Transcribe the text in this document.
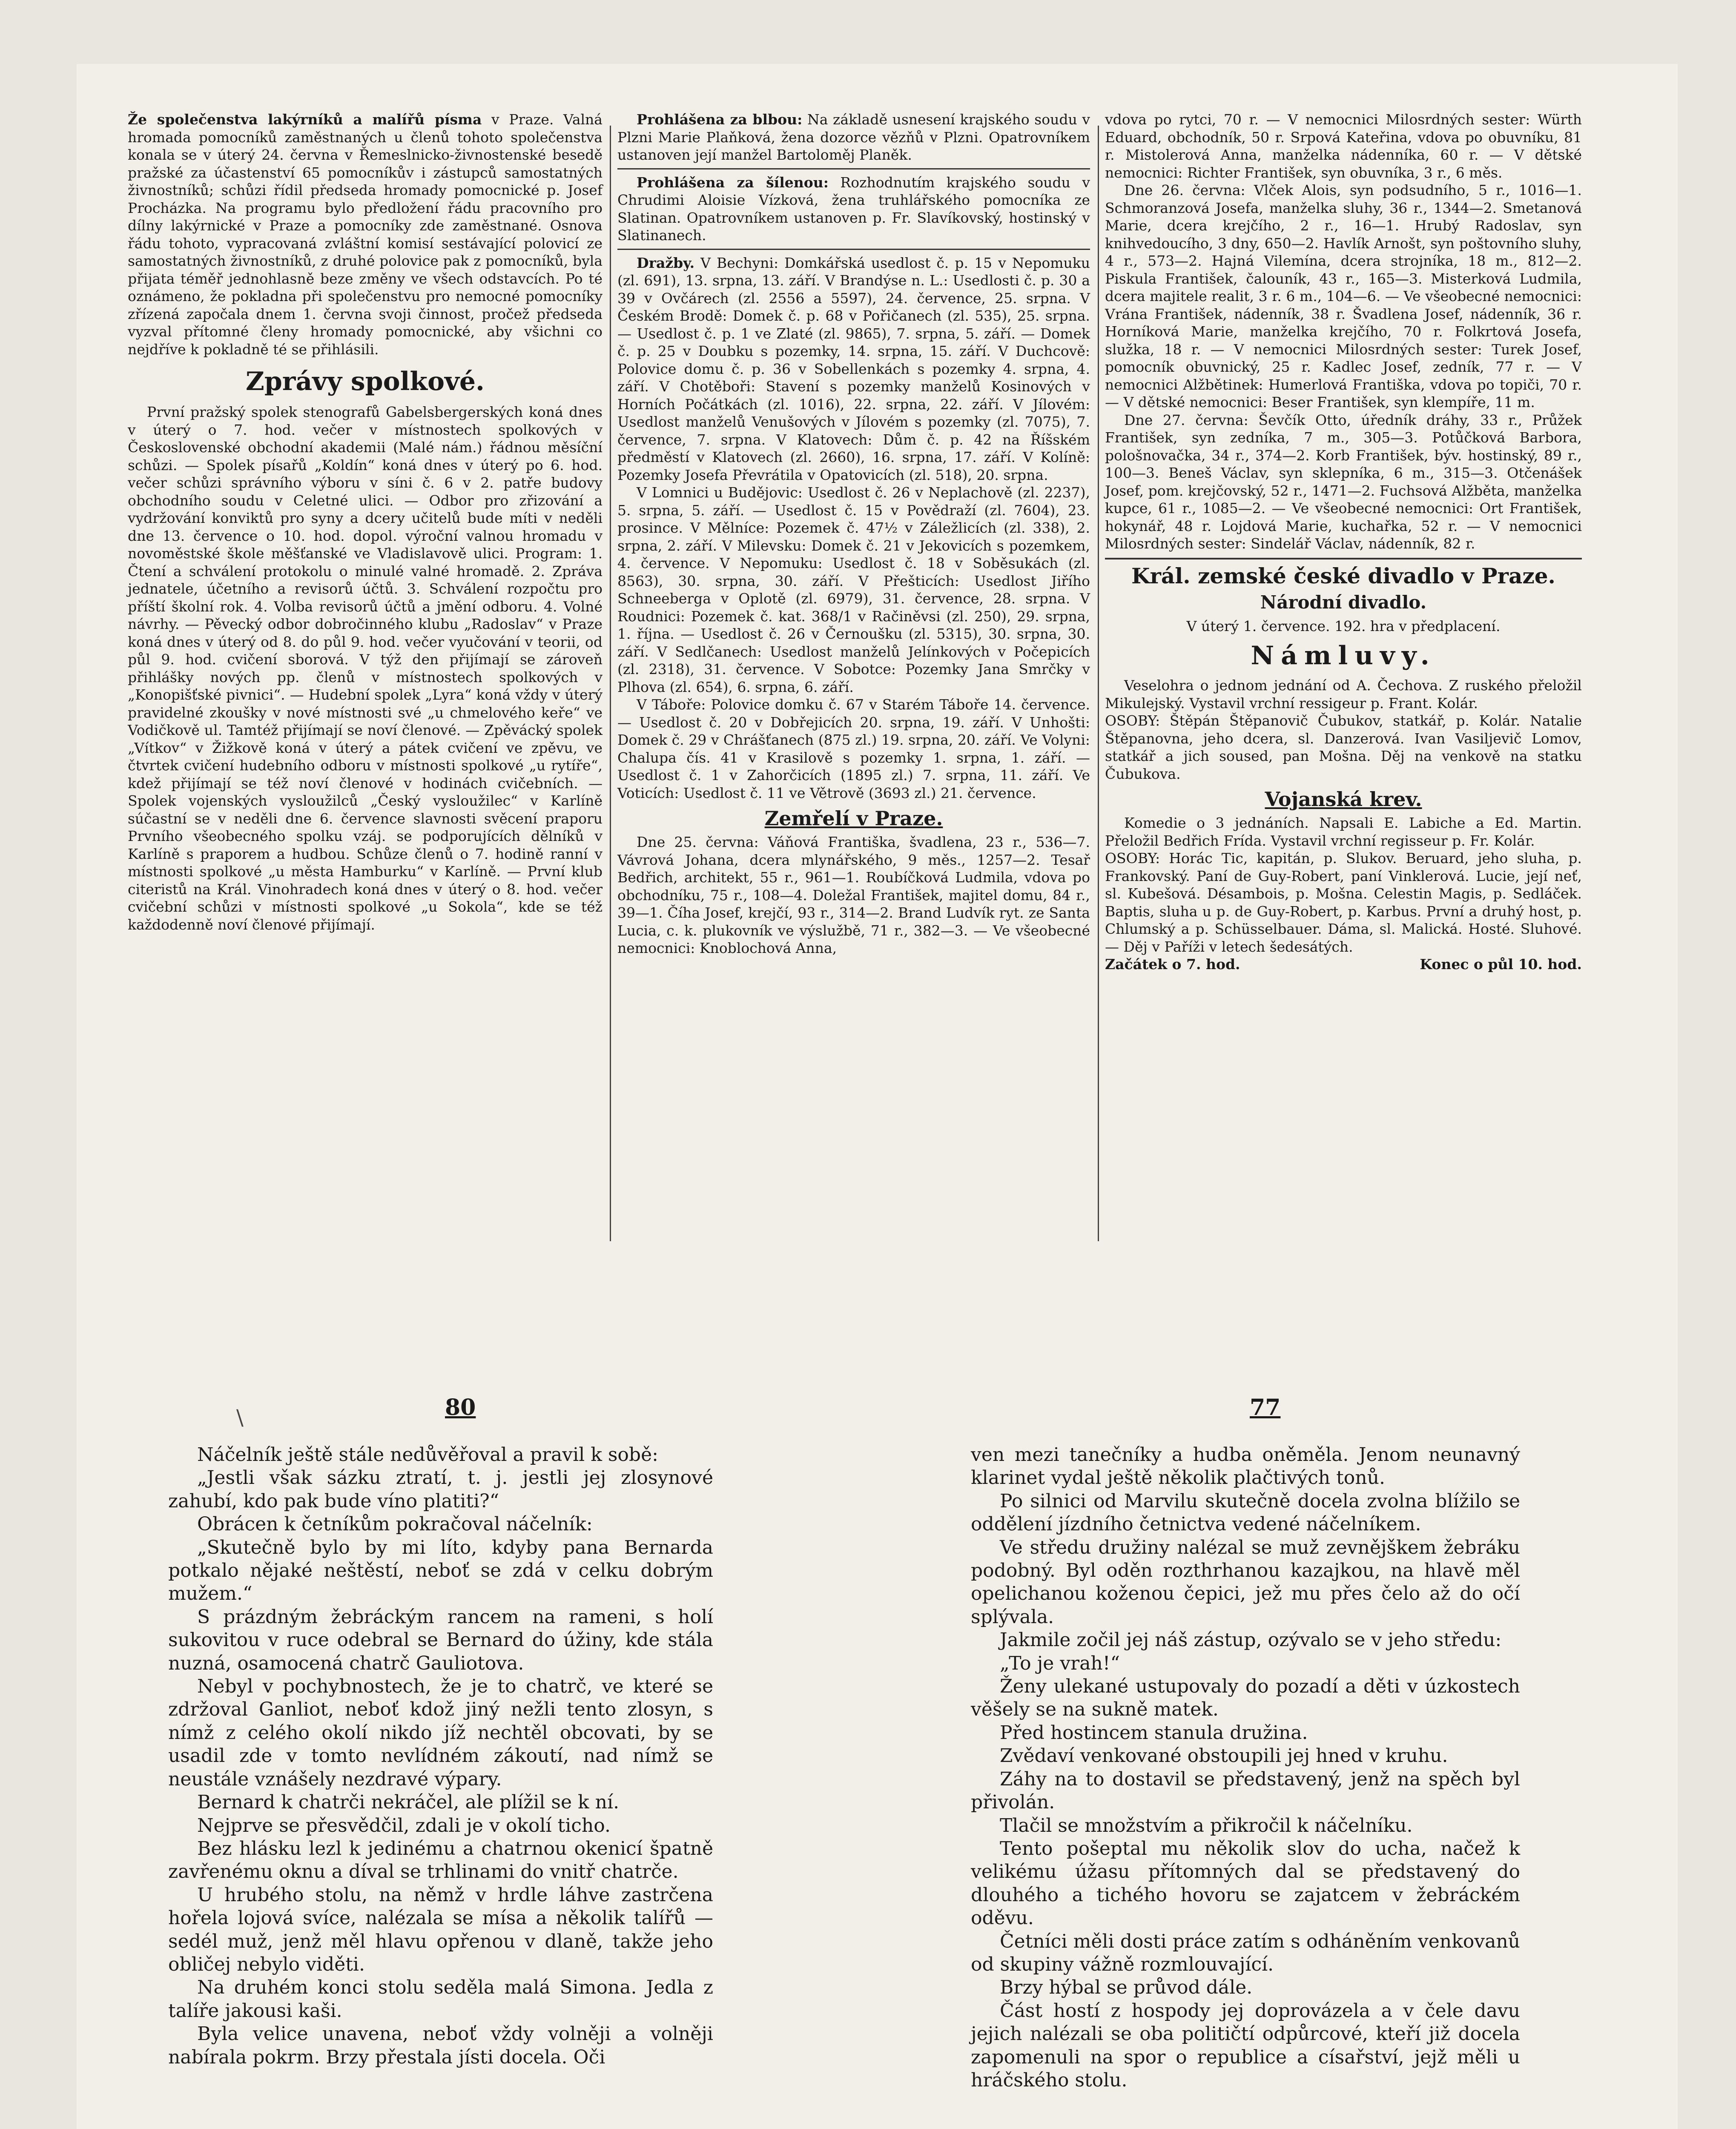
Že společenstva lakýrníků a malířů písma v Praze. Valná hromada pomocníků zaměstnaných u členů tohoto společenstva konala se v úterý 24. června v Řemeslnicko-živnostenské besedě pražské za účastenství 65 pomocníkův i zástupců samostatných živnostníků; schůzi řídil předseda hromady pomocnické p. Josef Procházka. Na programu bylo předložení řádu pracovního pro dílny lakýrnické v Praze a pomocníky zde zaměstnané. Osnova řádu tohoto, vypracovaná zvláštní komisí sestávající polovicí ze samostatných živnostníků, z druhé polovice pak z pomocníků, byla přijata téměř jednohlasně beze změny ve všech odstavcích. Po té oznámeno, že pokladna při společenstvu pro nemocné pomocníky zřízená započala dnem 1. června svoji činnost, pročež předseda vyzval přítomné členy hromady pomocnické, aby všichni co nejdříve k pokladně té se přihlásili.

Zprávy spolkové.

První pražský spolek stenografů Gabelsbergerských koná dnes v úterý o 7. hod. večer v místnostech spolkových v Československé obchodní akademii (Malé nám.) řádnou měsíční schůzi. — Spolek písařů „Koldín“ koná dnes v úterý po 6. hod. večer schůzi správního výboru v síni č. 6 v 2. patře budovy obchodního soudu v Celetné ulici. — Odbor pro zřizování a vydržování konviktů pro syny a dcery učitelů bude míti v neděli dne 13. července o 10. hod. dopol. výroční valnou hromadu v novoměstské škole měšťanské ve Vladislavově ulici. Program: 1. Čtení a schválení protokolu o minulé valné hromadě. 2. Zpráva jednatele, účetního a revisorů účtů. 3. Schválení rozpočtu pro příští školní rok. 4. Volba revisorů účtů a jmění odboru. 4. Volné návrhy. — Pěvecký odbor dobročinného klubu „Radoslav“ v Praze koná dnes v úterý od 8. do půl 9. hod. večer vyučování v teorii, od půl 9. hod. cvičení sborová. V týž den přijímají se zároveň přihlášky nových pp. členů v místnostech spolkových v „Konopišťské pivnici“. — Hudební spolek „Lyra“ koná vždy v úterý pravidelné zkoušky v nové místnosti své „u chmelového keře“ ve Vodičkově ul. Tamtéž přijímají se noví členové. — Zpěvácký spolek „Vítkov“ v Žižkově koná v úterý a pátek cvičení ve zpěvu, ve čtvrtek cvičení hudebního odboru v místnosti spolkové „u rytíře“, kdež přijímají se též noví členové v hodinách cvičebních. — Spolek vojenských vysloužilců „Český vysloužilec“ v Karlíně súčastní se v neděli dne 6. července slavnosti svěcení praporu Prvního všeobecného spolku vzáj. se podporujících dělníků v Karlíně s praporem a hudbou. Schůze členů o 7. hodině ranní v místnosti spolkové „u města Hamburku“ v Karlíně. — První klub citeristů na Král. Vinohradech koná dnes v úterý o 8. hod. večer cvičební schůzi v místnosti spolkové „u Sokola“, kde se též každodenně noví členové přijímají.

Prohlášena za blbou: Na základě usnesení krajského soudu v Plzni Marie Plaňková, žena dozorce vězňů v Plzni. Opatrovníkem ustanoven její manžel Bartoloměj Planěk.

Prohlášena za šílenou: Rozhodnutím krajského soudu v Chrudimi Aloisie Vízková, žena truhlářského pomocníka ze Slatinan. Opatrovníkem ustanoven p. Fr. Slavíkovský, hostinský v Slatinanech.

Dražby. V Bechyni: Domkářská usedlost č. p. 15 v Nepomuku (zl. 691), 13. srpna, 13. září. V Brandýse n. L.: Usedlosti č. p. 30 a 39 v Ovčárech (zl. 2556 a 5597), 24. července, 25. srpna. V Českém Brodě: Domek č. p. 68 v Pořičanech (zl. 535), 25. srpna. — Usedlost č. p. 1 ve Zlaté (zl. 9865), 7. srpna, 5. září. — Domek č. p. 25 v Doubku s pozemky, 14. srpna, 15. září. V Duchcově: Polovice domu č. p. 36 v Sobellenkách s pozemky 4. srpna, 4. září. V Chotěboři: Stavení s pozemky manželů Kosinových v Horních Počátkách (zl. 1016), 22. srpna, 22. září. V Jílovém: Usedlost manželů Venušových v Jílovém s pozemky (zl. 7075), 7. července, 7. srpna. V Klatovech: Dům č. p. 42 na Říšském předměstí v Klatovech (zl. 2660), 16. srpna, 17. září. V Kolíně: Pozemky Josefa Převrátila v Opatovicích (zl. 518), 20. srpna.

V Lomnici u Budějovic: Usedlost č. 26 v Neplachově (zl. 2237), 5. srpna, 5. září. — Usedlost č. 15 v Povědraží (zl. 7604), 23. prosince. V Mělníce: Pozemek č. 47½ v Záležlicích (zl. 338), 2. srpna, 2. září. V Milevsku: Domek č. 21 v Jekovicích s pozemkem, 4. července. V Nepomuku: Usedlost č. 18 v Soběsukách (zl. 8563), 30. srpna, 30. září. V Přešticích: Usedlost Jiřího Schneeberga v Oplotě (zl. 6979), 31. července, 28. srpna. V Roudnici: Pozemek č. kat. 368/1 v Račiněvsi (zl. 250), 29. srpna, 1. října. — Usedlost č. 26 v Černoušku (zl. 5315), 30. srpna, 30. září. V Sedlčanech: Usedlost manželů Jelínkových v Počepicích (zl. 2318), 31. července. V Sobotce: Pozemky Jana Smrčky v Plhova (zl. 654), 6. srpna, 6. září.

V Táboře: Polovice domku č. 67 v Starém Táboře 14. července. — Usedlost č. 20 v Dobřejicích 20. srpna, 19. září. V Unhošti: Domek č. 29 v Chrášťanech (875 zl.) 19. srpna, 20. září. Ve Volyni: Chalupa čís. 41 v Krasilově s pozemky 1. srpna, 1. září. — Usedlost č. 1 v Zahorčicích (1895 zl.) 7. srpna, 11. září. Ve Voticích: Usedlost č. 11 ve Větrově (3693 zl.) 21. července.

Zemřelí v Praze.

Dne 25. června: Váňová Františka, švadlena, 23 r., 536—7. Vávrová Johana, dcera mlynářského, 9 měs., 1257—2. Tesař Bedřich, architekt, 55 r., 961—1. Roubíčková Ludmila, vdova po obchodníku, 75 r., 108—4. Doležal František, majitel domu, 84 r., 39—1. Číha Josef, krejčí, 93 r., 314—2. Brand Ludvík ryt. ze Santa Lucia, c. k. plukovník ve výslužbě, 71 r., 382—3. — Ve všeobecné nemocnici: Knoblochová Anna,

vdova po rytci, 70 r. — V nemocnici Milosrdných sester: Würth Eduard, obchodník, 50 r. Srpová Kateřina, vdova po obuvníku, 81 r. Mistolerová Anna, manželka nádenníka, 60 r. — V dětské nemocnici: Richter František, syn obuvníka, 3 r., 6 měs.

Dne 26. června: Vlček Alois, syn podsudního, 5 r., 1016—1. Schmoranzová Josefa, manželka sluhy, 36 r., 1344—2. Smetanová Marie, dcera krejčího, 2 r., 16—1. Hrubý Radoslav, syn knihvedoucího, 3 dny, 650—2. Havlík Arnošt, syn poštovního sluhy, 4 r., 573—2. Hajná Vilemína, dcera strojníka, 18 m., 812—2. Piskula František, čalouník, 43 r., 165—3. Misterková Ludmila, dcera majitele realit, 3 r. 6 m., 104—6. — Ve všeobecné nemocnici: Vrána František, nádenník, 38 r. Švadlena Josef, nádenník, 36 r. Horníková Marie, manželka krejčího, 70 r. Folkrtová Josefa, služka, 18 r. — V nemocnici Milosrdných sester: Turek Josef, pomocník obuvnický, 25 r. Kadlec Josef, zedník, 77 r. — V nemocnici Alžbětinek: Humerlová Františka, vdova po topiči, 70 r. — V dětské nemocnici: Beser František, syn klempíře, 11 m.

Dne 27. června: Ševčík Otto, úředník dráhy, 33 r., Průžek František, syn zedníka, 7 m., 305—3. Potůčková Barbora, pološnovačka, 34 r., 374—2. Korb František, býv. hostinský, 89 r., 100—3. Beneš Václav, syn sklepníka, 6 m., 315—3. Otčenášek Josef, pom. krejčovský, 52 r., 1471—2. Fuchsová Alžběta, manželka kupce, 61 r., 1085—2. — Ve všeobecné nemocnici: Ort František, hokynář, 48 r. Lojdová Marie, kuchařka, 52 r. — V nemocnici Milosrdných sester: Sindelář Václav, nádenník, 82 r.

Král. zemské české divadlo v Praze.
Národní divadlo.

V úterý 1. července. 192. hra v předplacení.

Námluvy.

Veselohra o jednom jednání od A. Čechova. Z ruského přeložil Mikulejský. Vystavil vrchní ressigeur p. Frant. Kolár.

OSOBY: Štěpán Štěpanovič Čubukov, statkář, p. Kolár. Natalie Štěpanovna, jeho dcera, sl. Danzerová. Ivan Vasiljevič Lomov, statkář a jich soused, pan Mošna. Děj na venkově na statku Čubukova.

Vojanská krev.

Komedie o 3 jednáních. Napsali E. Labiche a Ed. Martin. Přeložil Bedřich Frída. Vystavil vrchní regisseur p. Fr. Kolár.

OSOBY: Horác Tic, kapitán, p. Slukov. Beruard, jeho sluha, p. Frankovský. Paní de Guy-Robert, paní Vinklerová. Lucie, její neť, sl. Kubešová. Désambois, p. Mošna. Celestin Magis, p. Sedláček. Baptis, sluha u p. de Guy-Robert, p. Karbus. První a druhý host, p. Chlumský a p. Schüsselbauer. Dáma, sl. Malická. Hosté. Sluhové. — Děj v Paříži v letech šedesátých.

Začátek o 7. hod.	Konec o půl 10. hod.

\	80

Náčelník ještě stále nedůvěřoval a pravil k sobě:

„Jestli však sázku ztratí, t. j. jestli jej zlosynové zahubí, kdo pak bude víno platiti?“

Obrácen k četníkům pokračoval náčelník:

„Skutečně bylo by mi líto, kdyby pana Bernarda potkalo nějaké neštěstí, neboť se zdá v celku dobrým mužem.“

S prázdným žebráckým rancem na rameni, s holí sukovitou v ruce odebral se Bernard do úžiny, kde stála nuzná, osamocená chatrč Gauliotova.

Nebyl v pochybnostech, že je to chatrč, ve které se zdržoval Ganliot, neboť kdož jiný nežli tento zlosyn, s nímž z celého okolí nikdo jíž nechtěl obcovati, by se usadil zde v tomto nevlídném zákoutí, nad nímž se neustále vznášely nezdravé výpary.

Bernard k chatrči nekráčel, ale plížil se k ní.

Nejprve se přesvědčil, zdali je v okolí ticho.

Bez hlásku lezl k jedinému a chatrnou okenicí špatně zavřenému oknu a díval se trhlinami do vnitř chatrče.

U hrubého stolu, na němž v hrdle láhve zastrčena hořela lojová svíce, nalézala se mísa a několik talířů — sedél muž, jenž měl hlavu opřenou v dlaně, takže jeho obličej nebylo viděti.

Na druhém konci stolu seděla malá Simona. Jedla z talíře jakousi kaši.

Byla velice unavena, neboť vždy volněji a volněji nabírala pokrm. Brzy přestala jísti docela. Oči

77

ven mezi tanečníky a hudba oněměla. Jenom neunavný klarinet vydal ještě několik plačtivých tonů.

Po silnici od Marvilu skutečně docela zvolna blížilo se oddělení jízdního četnictva vedené náčelníkem.

Ve středu družiny nalézal se muž zevnějškem žebráku podobný. Byl oděn rozthrhanou kazajkou, na hlavě měl opelichanou koženou čepici, jež mu přes čelo až do očí splývala.

Jakmile zočil jej náš zástup, ozývalo se v jeho středu:

„To je vrah!“

Ženy ulekané ustupovaly do pozadí a děti v úzkostech věšely se na sukně matek.

Před hostincem stanula družina.

Zvědaví venkované obstoupili jej hned v kruhu.

Záhy na to dostavil se představený, jenž na spěch byl přivolán.

Tlačil se množstvím a přikročil k náčelníku.

Tento pošeptal mu několik slov do ucha, načež k velikému úžasu přítomných dal se představený do dlouhého a tichého hovoru se zajatcem v žebráckém oděvu.

Četníci měli dosti práce zatím s odháněním venkovanů od skupiny vážně rozmlouvající.

Brzy hýbal se průvod dále.

Část hostí z hospody jej doprovázela a v čele davu jejich nalézali se oba političtí odpůrcové, kteří již docela zapomenuli na spor o republice a císařství, jejž měli u hráčského stolu.
